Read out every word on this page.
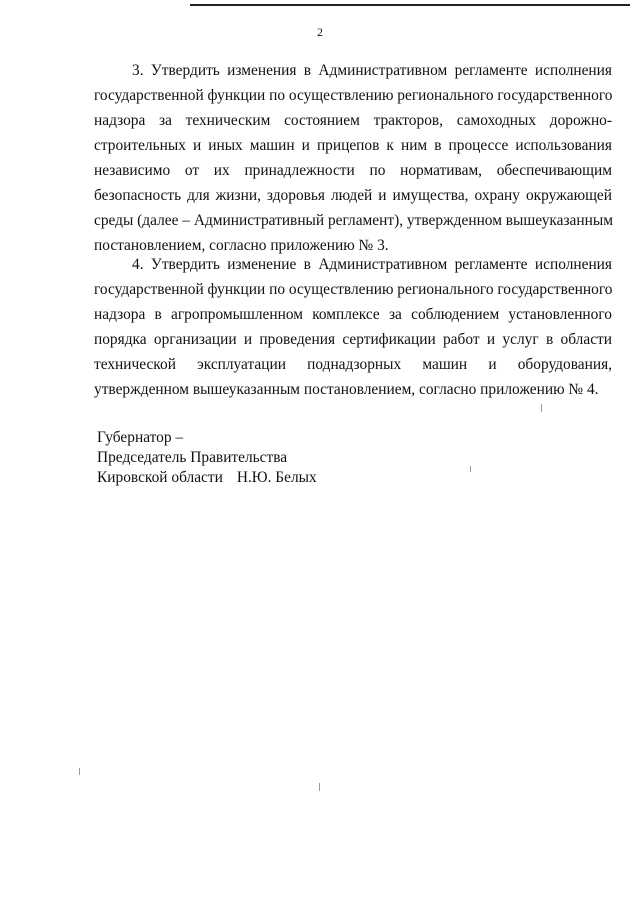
2
3. Утвердить изменения в Административном регламенте исполнения
государственной функции по осуществлению регионального государственного
надзора за техническим состоянием тракторов, самоходных дорожно-
строительных и иных машин и прицепов к ним в процессе использования
независимо от их принадлежности по нормативам, обеспечивающим
безопасность для жизни, здоровья людей и имущества, охрану окружающей
среды (далее – Административный регламент), утвержденном вышеуказанным
постановлением, согласно приложению № 3.
4. Утвердить изменение в Административном регламенте исполнения
государственной функции по осуществлению регионального государственного
надзора в агропромышленном комплексе за соблюдением установленного
порядка организации и проведения сертификации работ и услуг в области
технической эксплуатации поднадзорных машин и оборудования,
утвержденном вышеуказанным постановлением, согласно приложению № 4.
Губернатор –
Председатель Правительства
Кировской области Н.Ю. Белых
